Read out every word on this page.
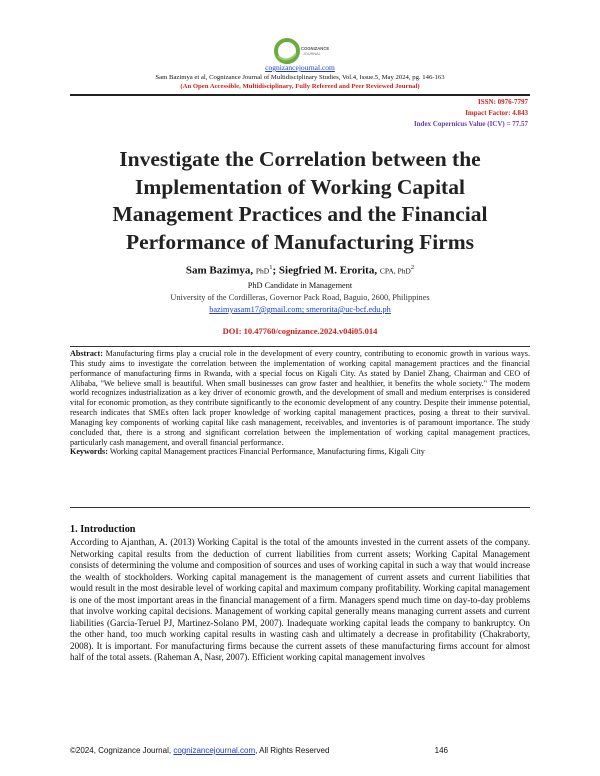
COGNIZANCE
JOURNAL
cognizancejournal.com
Sam Bazimya et al, Cognizance Journal of Multidisciplinary Studies, Vol.4, Issue.5, May 2024, pg. 146-163
(An Open Accessible, Multidisciplinary, Fully Refereed and Peer Reviewed Journal)
ISSN: 0976-7797
Impact Factor: 4.843
Index Copernicus Value (ICV) = 77.57
Investigate the Correlation between the
Implementation of Working Capital
Management Practices and the Financial
Performance of Manufacturing Firms
Sam Bazimya, PhD$^1$; Siegfried M. Erorita, CPA, PhD$^2$
PhD Candidate in Management
University of the Cordilleras, Governor Pack Road, Baguio, 2600, Philippines
bazimyasam17@gmail.com; smerorita@uc-bcf.edu.ph
DOI: 10.47760/cognizance.2024.v04i05.014
Abstract: Manufacturing firms play a crucial role in the development of every country, contributing to economic growth in various ways. This study aims to investigate the correlation between the implementation of working capital management practices and the financial performance of manufacturing firms in Rwanda, with a special focus on Kigali City. As stated by Daniel Zhang, Chairman and CEO of Alibaba, "We believe small is beautiful. When small businesses can grow faster and healthier, it benefits the whole society." The modern world recognizes industrialization as a key driver of economic growth, and the development of small and medium enterprises is considered vital for economic promotion, as they contribute significantly to the economic development of any country. Despite their immense potential, research indicates that SMEs often lack proper knowledge of working capital management practices, posing a threat to their survival. Managing key components of working capital like cash management, receivables, and inventories is of paramount importance. The study concluded that, there is a strong and significant correlation between the implementation of working capital management practices, particularly cash management, and overall financial performance.
Keywords: Working capital Management practices Financial Performance, Manufacturing firms, Kigali City
1. Introduction
According to Ajanthan, A. (2013) Working Capital is the total of the amounts invested in the current assets of the company. Networking capital results from the deduction of current liabilities from current assets; Working Capital Management consists of determining the volume and composition of sources and uses of working capital in such a way that would increase the wealth of stockholders. Working capital management is the management of current assets and current liabilities that would result in the most desirable level of working capital and maximum company profitability. Working capital management is one of the most important areas in the financial management of a firm. Managers spend much time on day-to-day problems that involve working capital decisions. Management of working capital generally means managing current assets and current liabilities (Garcia-Teruel PJ, Martinez-Solano PM, 2007). Inadequate working capital leads the company to bankruptcy. On the other hand, too much working capital results in wasting cash and ultimately a decrease in profitability (Chakraborty, 2008). It is important. For manufacturing firms because the current assets of these manufacturing firms account for almost half of the total assets. (Raheman A, Nasr, 2007). Efficient working capital management involves
©2024, Cognizance Journal, cognizancejournal.com, All Rights Reserved	146
